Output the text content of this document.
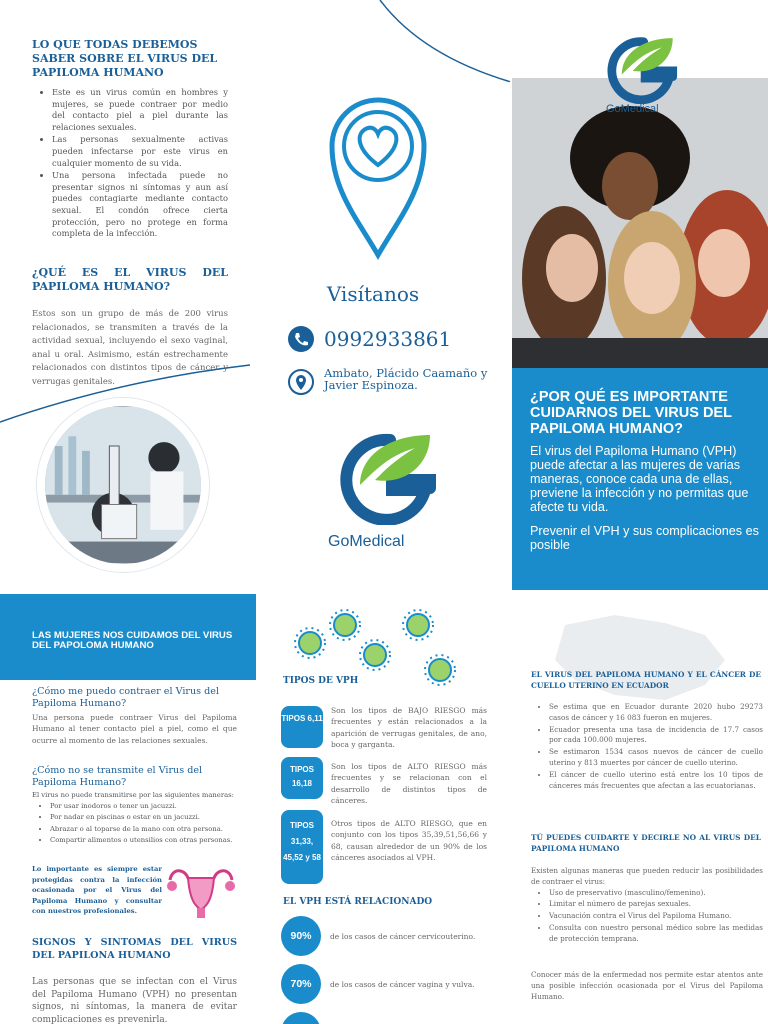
LO QUE TODAS DEBEMOS SABER SOBRE EL VIRUS DEL PAPILOMA HUMANO
• Este es un virus común en hombres y mujeres, se puede contraer por medio del contacto piel a piel durante las relaciones sexuales.
• Las personas sexualmente activas pueden infectarse por este virus en cualquier momento de su vida.
• Una persona infectada puede no presentar signos ni síntomas y aun así puedes contagiarte mediante contacto sexual. El condón ofrece cierta protección, pero no protege en forma completa de la infección.
¿QUÉ ES EL VIRUS DEL PAPILOMA HUMANO?
Estos son un grupo de más de 200 virus relacionados, se transmiten a través de la actividad sexual, incluyendo el sexo vaginal, anal u oral. Asimismo, están estrechamente relacionados con distintos tipos de cáncer y verrugas genitales.
Visítanos
0992933861
Ambato, Plácido Caamaño y Javier Espinoza.
GoMedical
GoMedical
¿POR QUÉ ES IMPORTANTE CUIDARNOS DEL VIRUS DEL PAPILOMA HUMANO?
El virus del Papiloma Humano (VPH) puede afectar a las mujeres de varias maneras, conoce cada una de ellas, previene la infección y no permitas que afecte tu vida.
Prevenir el VPH y sus complicaciones es posible
LAS MUJERES NOS CUIDAMOS DEL VIRUS DEL PAPOLOMA HUMANO
¿Cómo me puedo contraer el Virus del Papiloma Humano?
Una persona puede contraer Virus del Papiloma Humano al tener contacto piel a piel, como el que ocurre al momento de las relaciones sexuales.
¿Cómo no se transmite el Virus del Papiloma Humano?
El virus no puede transmitirse por las siguientes maneras:
• Por usar inodoros o tener un jacuzzi.
• Por nadar en piscinas o estar en un jacuzzi.
• Abrazar o al toparse de la mano con otra persona.
• Compartir alimentos o utensilios con otras personas.
Lo importante es siempre estar protegidas contra la infección ocasionada por el Virus del Papiloma Humano y consultar con nuestros profesionales.
SIGNOS Y SINTOMAS DEL VIRUS DEL PAPILONA HUMANO
Las personas que se infectan con el Virus del Papiloma Humano (VPH) no presentan signos, ni síntomas, la manera de evitar complicaciones es prevenirla.
TIPOS DE VPH
TIPOS 6,11
TIPOS 16,18
TIPOS 31,33, 45,52 y 58
Son los tipos de BAJO RIESGO más frecuentes y están relacionados a la aparición de verrugas genitales, de ano, boca y garganta.
Son los tipos de ALTO RIESGO más frecuentes y se relacionan con el desarrollo de distintos tipos de cánceres.
Otros tipos de ALTO RIESGO, que en conjunto con los tipos 35,39,51,56,66 y 68, causan alrededor de un 90% de los cánceres asociados al VPH.
EL VPH ESTÁ RELACIONADO
90%
70%
de los casos de cáncer cervicouterino.
de los casos de cáncer vagina y vulva.
EL VIRUS DEL PAPILOMA HUMANO Y EL CÁNCER DE CUELLO UTERINO EN ECUADOR
• Se estima que en Ecuador durante 2020 hubo 29273 casos de cáncer y 16 083 fueron en mujeres.
• Ecuador presenta una tasa de incidencia de 17.7 casos por cada 100.000 mujeres.
• Se estimaron 1534 casos nuevos de cáncer de cuello uterino y 813 muertes por cáncer de cuello uterino.
• El cáncer de cuello uterino está entre los 10 tipos de cánceres más frecuentes que afectan a las ecuatorianas.
TÚ PUEDES CUIDARTE Y DECIRLE NO AL VIRUS DEL PAPILOMA HUMANO
Existen algunas maneras que pueden reducir las posibilidades de contraer el virus:
• Uso de preservativo (masculino/femenino).
• Limitar el número de parejas sexuales.
• Vacunación contra el Virus del Papiloma Humano.
• Consulta con nuestro personal médico sobre las medidas de protección temprana.
Conocer más de la enfermedad nos permite estar atentos ante una posible infección ocasionada por el Virus del Papiloma Humano.
